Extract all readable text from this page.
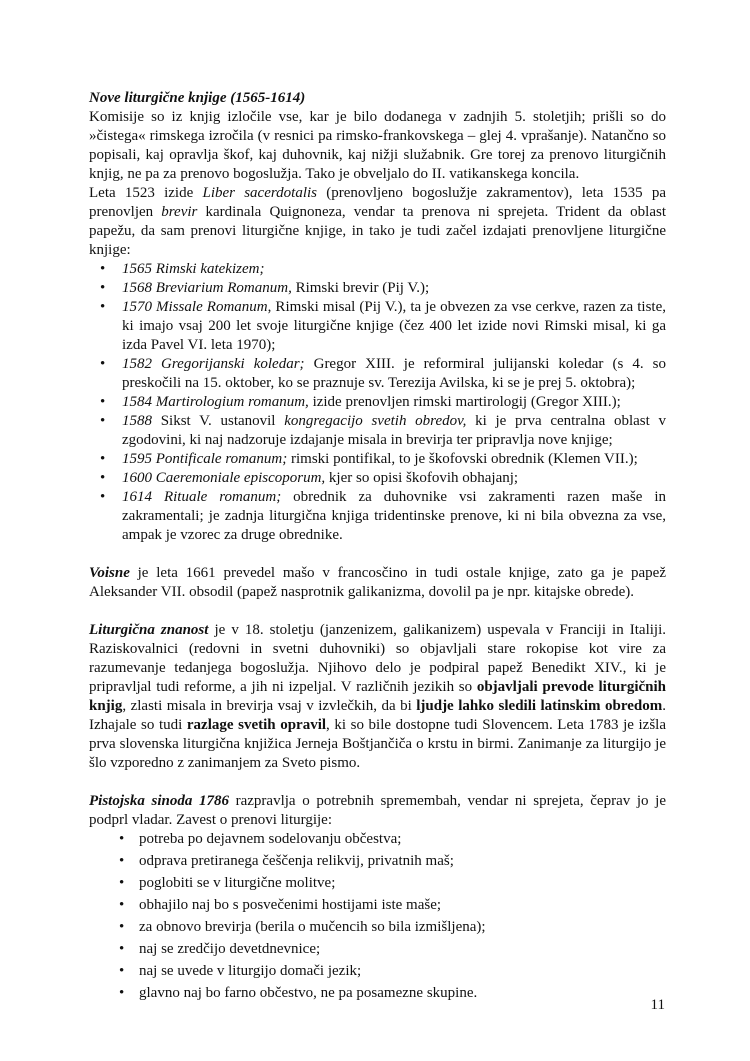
Nove liturgične knjige (1565-1614)
Komisije so iz knjig izločile vse, kar je bilo dodanega v zadnjih 5. stoletjih; prišli so do »čistega« rimskega izročila (v resnici pa rimsko-frankovskega – glej 4. vprašanje). Natančno so popisali, kaj opravlja škof, kaj duhovnik, kaj nižji služabnik. Gre torej za prenovo liturgičnih knjig, ne pa za prenovo bogoslužja. Tako je obveljalo do II. vatikanskega koncila.
Leta 1523 izide Liber sacerdotalis (prenovljeno bogoslužje zakramentov), leta 1535 pa prenovljen brevir kardinala Quignoneza, vendar ta prenova ni sprejeta. Trident da oblast papežu, da sam prenovi liturgične knjige, in tako je tudi začel izdajati prenovljene liturgične knjige:
• 1565 Rimski katekizem;
• 1568 Breviarium Romanum, Rimski brevir (Pij V.);
• 1570 Missale Romanum, Rimski misal (Pij V.), ta je obvezen za vse cerkve, razen za tiste, ki imajo vsaj 200 let svoje liturgične knjige (čez 400 let izide novi Rimski misal, ki ga izda Pavel VI. leta 1970);
• 1582 Gregorijanski koledar; Gregor XIII. je reformiral julijanski koledar (s 4. so preskočili na 15. oktober, ko se praznuje sv. Terezija Avilska, ki se je prej 5. oktobra);
• 1584 Martirologium romanum, izide prenovljen rimski martirologij (Gregor XIII.);
• 1588 Sikst V. ustanovil kongregacijo svetih obredov, ki je prva centralna oblast v zgodovini, ki naj nadzoruje izdajanje misala in brevirja ter pripravlja nove knjige;
• 1595 Pontificale romanum; rimski pontifikal, to je škofovski obrednik (Klemen VII.);
• 1600 Caeremoniale episcoporum, kjer so opisi škofovih obhajanj;
• 1614 Rituale romanum; obrednik za duhovnike vsi zakramenti razen maše in zakramentali; je zadnja liturgična knjiga tridentinske prenove, ki ni bila obvezna za vse, ampak je vzorec za druge obrednike.
Voisne je leta 1661 prevedel mašo v francosčino in tudi ostale knjige, zato ga je papež Aleksander VII. obsodil (papež nasprotnik galikanizma, dovolil pa je npr. kitajske obrede).
Liturgična znanost je v 18. stoletju (janzenizem, galikanizem) uspevala v Franciji in Italiji. Raziskovalnici (redovni in svetni duhovniki) so objavljali stare rokopise kot vire za razumevanje tedanjega bogoslužja. Njihovo delo je podpiral papež Benedikt XIV., ki je pripravljal tudi reforme, a jih ni izpeljal. V različnih jezikih so objavljali prevode liturgičnih knjig, zlasti misala in brevirja vsaj v izvlečkih, da bi ljudje lahko sledili latinskim obredom. Izhajale so tudi razlage svetih opravil, ki so bile dostopne tudi Slovencem. Leta 1783 je izšla prva slovenska liturgična knjižica Jerneja Boštjančiča o krstu in birmi. Zanimanje za liturgijo je šlo vzporedno z zanimanjem za Sveto pismo.
Pistojska sinoda 1786 razpravlja o potrebnih spremembah, vendar ni sprejeta, čeprav jo je podprl vladar. Zavest o prenovi liturgije:
• potreba po dejavnem sodelovanju občestva;
• odprava pretiranega češčenja relikvij, privatnih maš;
• poglobiti se v liturgične molitve;
• obhajilo naj bo s posvečenimi hostijami iste maše;
• za obnovo brevirja (berila o mučencih so bila izmišljena);
• naj se zredčijo devetdnevnice;
• naj se uvede v liturgijo domači jezik;
• glavno naj bo farno občestvo, ne pa posamezne skupine.
11
